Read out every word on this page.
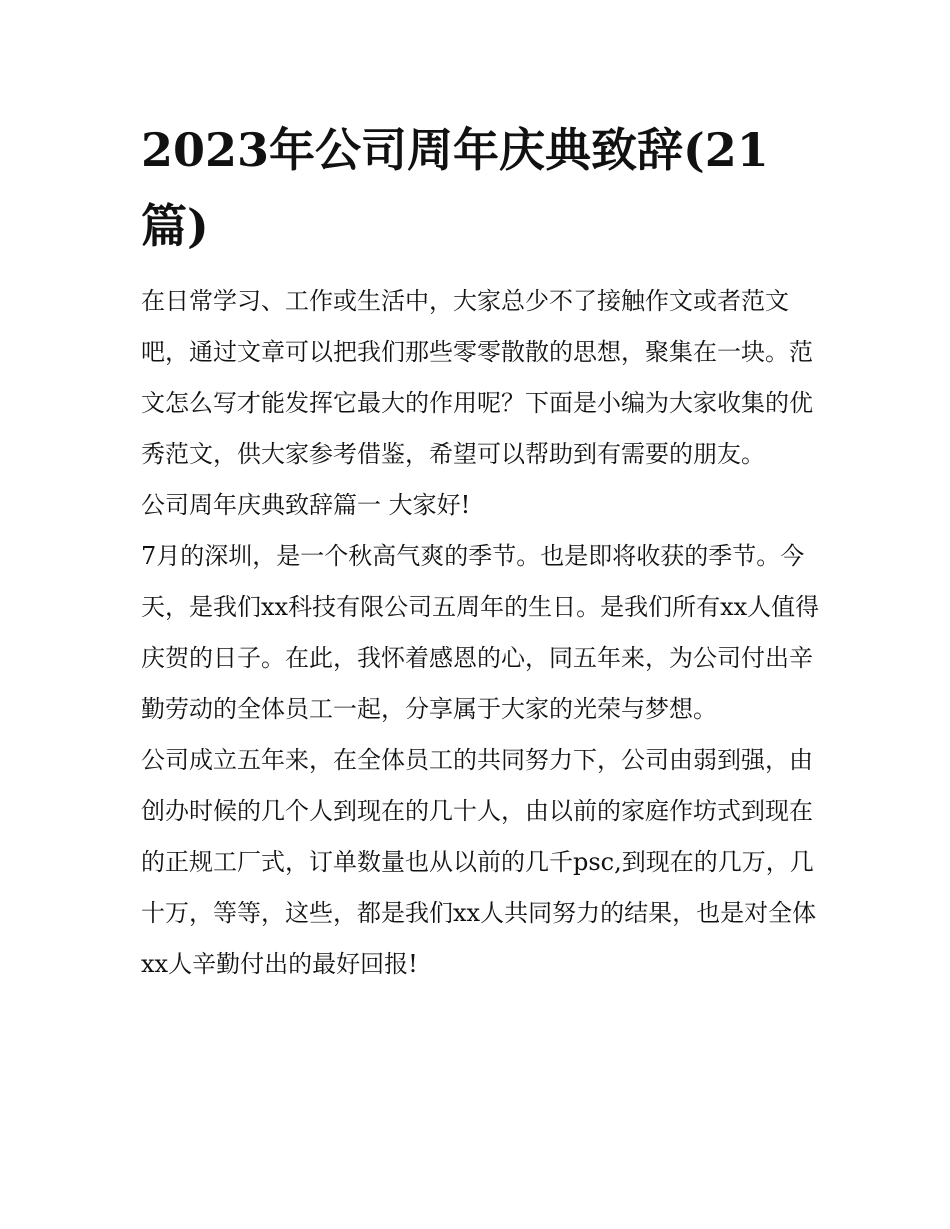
2023年公司周年庆典致辞(21篇)

在日常学习、工作或生活中，大家总少不了接触作文或者范文吧，通过文章可以把我们那些零零散散的思想，聚集在一块。范文怎么写才能发挥它最大的作用呢？下面是小编为大家收集的优秀范文，供大家参考借鉴，希望可以帮助到有需要的朋友。

公司周年庆典致辞篇一 大家好!

7月的深圳，是一个秋高气爽的季节。也是即将收获的季节。今天，是我们xx科技有限公司五周年的生日。是我们所有xx人值得庆贺的日子。在此，我怀着感恩的心，同五年来，为公司付出辛勤劳动的全体员工一起，分享属于大家的光荣与梦想。

公司成立五年来，在全体员工的共同努力下，公司由弱到强，由创办时候的几个人到现在的几十人，由以前的家庭作坊式到现在的正规工厂式，订单数量也从以前的几千psc,到现在的几万，几十万，等等，这些，都是我们xx人共同努力的结果，也是对全体xx人辛勤付出的最好回报!
